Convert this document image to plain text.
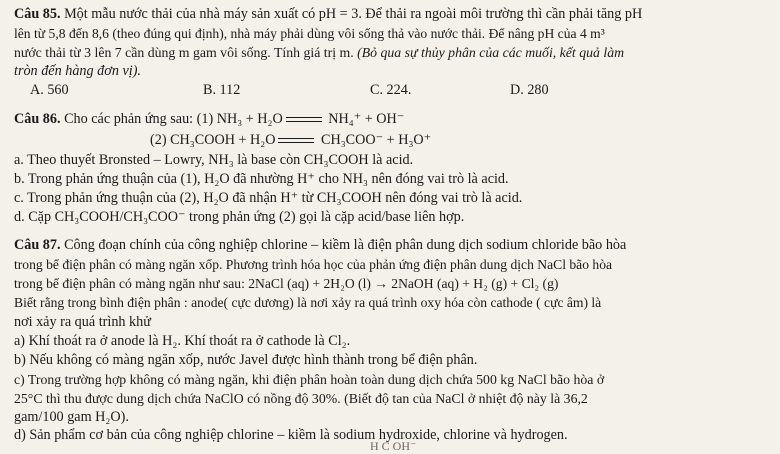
Câu 85. Một mẫu nước thải của nhà máy sản xuất có pH = 3. Để thải ra ngoài môi trường thì cần phải tăng pH
lên từ 5,8 đến 8,6 (theo đúng qui định), nhà máy phải dùng vôi sống thả vào nước thải. Để nâng pH của 4 m³
nước thải từ 3 lên 7 cần dùng m gam vôi sống. Tính giá trị m. (Bỏ qua sự thủy phân của các muối, kết quả làm
tròn đến hàng đơn vị).
A. 560	B. 112	C. 224.	D. 280
Câu 86. Cho các phản ứng sau: (1) NH₃ + H₂O	NH₄⁺ + OH⁻
(2) CH₃COOH + H₂O	CH₃COO⁻ + H₃O⁺
a. Theo thuyết Bronsted – Lowry, NH₃ là base còn CH₃COOH là acid.
b. Trong phản ứng thuận của (1), H₂O đã nhường H⁺ cho NH₃ nên đóng vai trò là acid.
c. Trong phản ứng thuận của (2), H₂O đã nhận H⁺ từ CH₃COOH nên đóng vai trò là acid.
d. Cặp CH₃COOH/CH₃COO⁻ trong phản ứng (2) gọi là cặp acid/base liên hợp.
Câu 87. Công đoạn chính của công nghiệp chlorine – kiềm là điện phân dung dịch sodium chloride bão hòa
trong bể điện phân có màng ngăn xốp. Phương trình hóa học của phản ứng điện phân dung dịch NaCl bão hòa
trong bể điện phân có màng ngăn như sau: 2NaCl (aq) + 2H₂O (l) → 2NaOH (aq) + H₂ (g) + Cl₂ (g)
Biết rằng trong bình điện phân : anode( cực dương) là nơi xảy ra quá trình oxy hóa còn cathode ( cực âm) là
nơi xảy ra quá trình khử
a) Khí thoát ra ở anode là H₂. Khí thoát ra ở cathode là Cl₂.
b) Nếu không có màng ngăn xốp, nước Javel được hình thành trong bể điện phân.
c) Trong trường hợp không có màng ngăn, khi điện phân hoàn toàn dung dịch chứa 500 kg NaCl bão hòa ở
25°C thì thu được dung dịch chứa NaClO có nồng độ 30%. (Biết độ tan của NaCl ở nhiệt độ này là 36,2
gam/100 gam H₂O).
d) Sản phẩm cơ bản của công nghiệp chlorine – kiềm là sodium hydroxide, chlorine và hydrogen.
H C OH⁻
